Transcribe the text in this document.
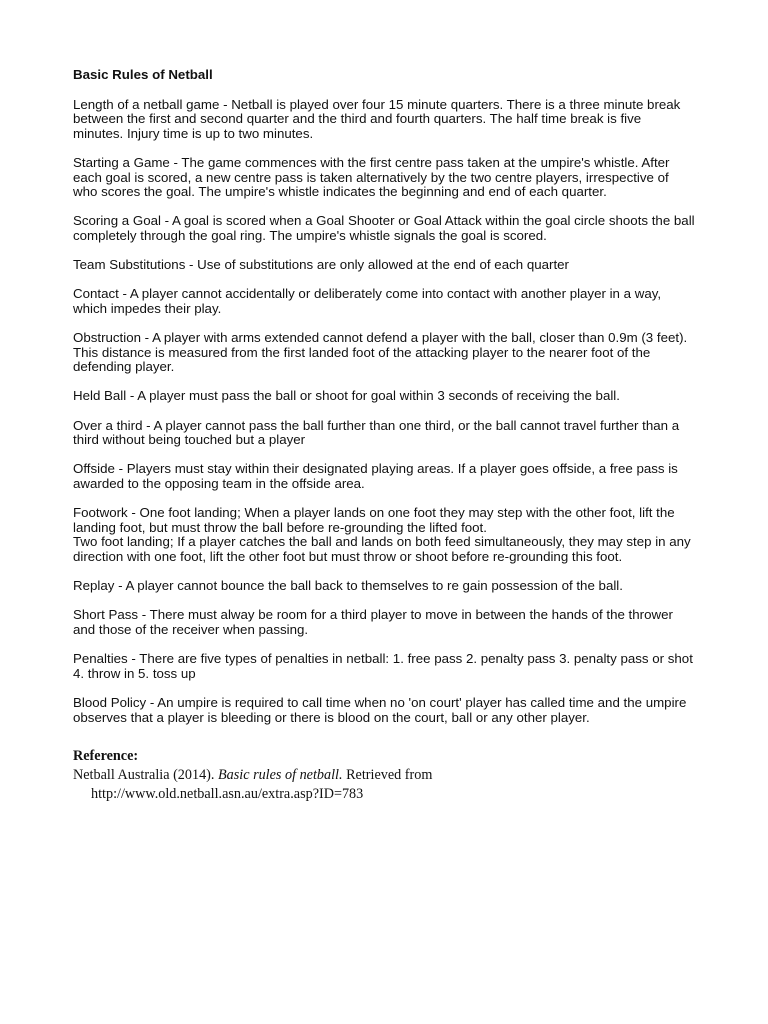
Basic Rules of Netball
Length of a netball game - Netball is played over four 15 minute quarters. There is a three minute break between the first and second quarter and the third and fourth quarters. The half time break is five minutes. Injury time is up to two minutes.
Starting a Game - The game commences with the first centre pass taken at the umpire's whistle. After each goal is scored, a new centre pass is taken alternatively by the two centre players, irrespective of who scores the goal. The umpire's whistle indicates the beginning and end of each quarter.
Scoring a Goal - A goal is scored when a Goal Shooter or Goal Attack within the goal circle shoots the ball completely through the goal ring. The umpire's whistle signals the goal is scored.
Team Substitutions - Use of substitutions are only allowed at the end of each quarter
Contact - A player cannot accidentally or deliberately come into contact with another player in a way, which impedes their play.
Obstruction - A player with arms extended cannot defend a player with the ball, closer than 0.9m (3 feet). This distance is measured from the first landed foot of the attacking player to the nearer foot of the defending player.
Held Ball - A player must pass the ball or shoot for goal within 3 seconds of receiving the ball.
Over a third - A player cannot pass the ball further than one third, or the ball cannot travel further than a third without being touched but a player
Offside - Players must stay within their designated playing areas. If a player goes offside, a free pass is awarded to the opposing team in the offside area.
Footwork - One foot landing; When a player lands on one foot they may step with the other foot, lift the landing foot, but must throw the ball before re-grounding the lifted foot.
Two foot landing; If a player catches the ball and lands on both feed simultaneously, they may step in any direction with one foot, lift the other foot but must throw or shoot before re-grounding this foot.
Replay - A player cannot bounce the ball back to themselves to re gain possession of the ball.
Short Pass - There must alway be room for a third player to move in between the hands of the thrower and those of the receiver when passing.
Penalties - There are five types of penalties in netball: 1. free pass 2. penalty pass 3. penalty pass or shot 4. throw in 5. toss up
Blood Policy - An umpire is required to call time when no 'on court' player has called time and the umpire observes that a player is bleeding or there is blood on the court, ball or any other player.
Reference:
Netball Australia (2014). Basic rules of netball. Retrieved from
http://www.old.netball.asn.au/extra.asp?ID=783
